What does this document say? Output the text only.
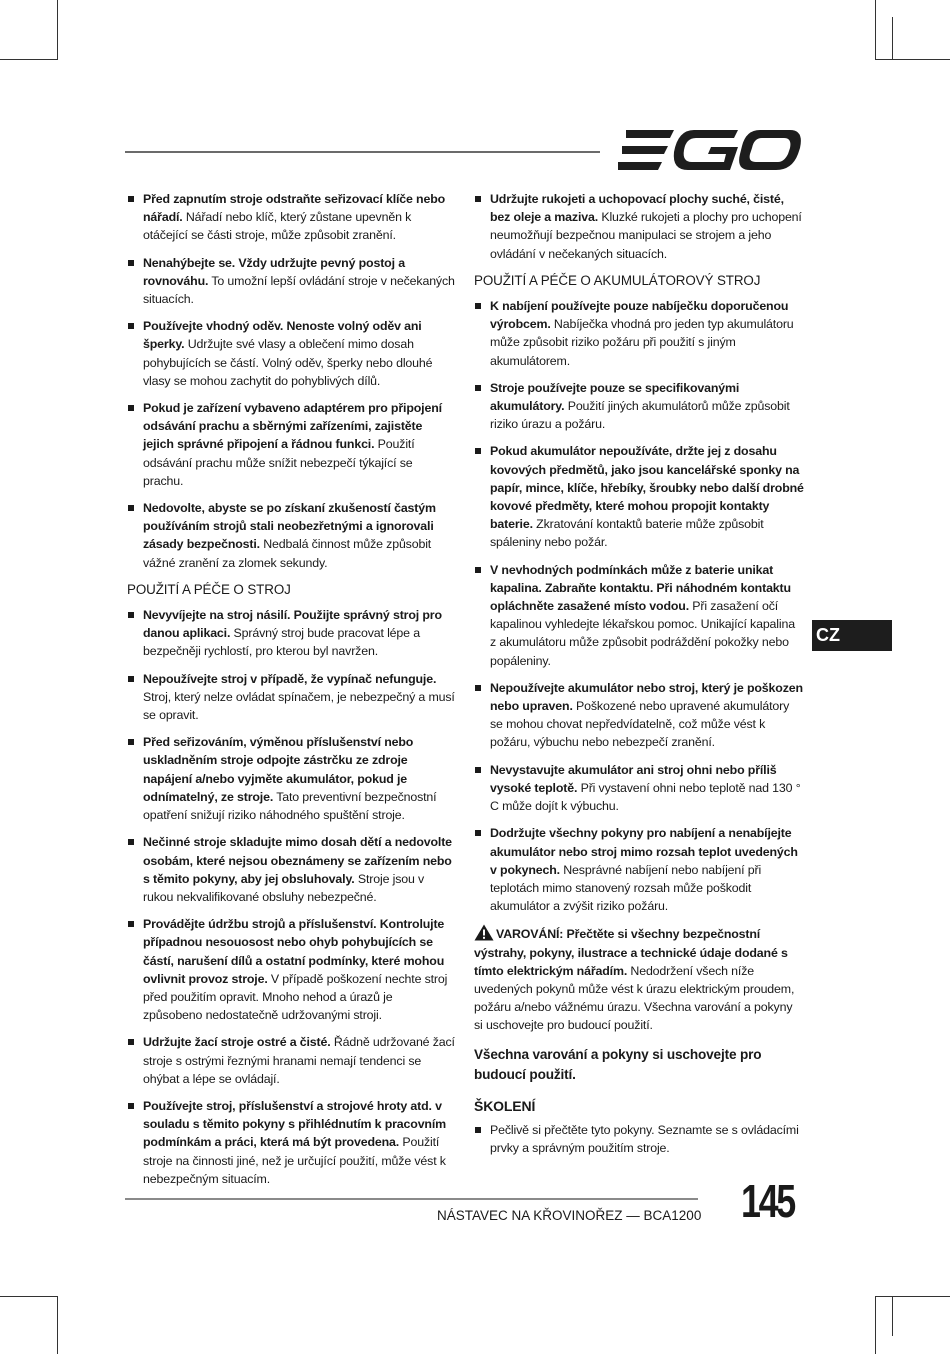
Před zapnutím stroje odstraňte seřizovací klíče nebo nářadí. Nářadí nebo klíč, který zůstane upevněn k otáčející se části stroje, může způsobit zranění.
Nenahýbejte se. Vždy udržujte pevný postoj a rovnováhu. To umožní lepší ovládání stroje v nečekaných situacích.
Používejte vhodný oděv. Nenoste volný oděv ani šperky. Udržujte své vlasy a oblečení mimo dosah pohybujících se částí. Volný oděv, šperky nebo dlouhé vlasy se mohou zachytit do pohyblivých dílů.
Pokud je zařízení vybaveno adaptérem pro připojení odsávání prachu a sběrnými zařízeními, zajistěte jejich správné připojení a řádnou funkci. Použití odsávání prachu může snížit nebezpečí týkající se prachu.
Nedovolte, abyste se po získaní zkušeností častým používáním strojů stali neobezřetnými a ignorovali zásady bezpečnosti. Nedbalá činnost může způsobit vážné zranění za zlomek sekundy.
POUŽITÍ A PÉČE O STROJ
Nevyvíjejte na stroj násilí. Použijte správný stroj pro danou aplikaci. Správný stroj bude pracovat lépe a bezpečněji rychlostí, pro kterou byl navržen.
Nepoužívejte stroj v případě, že vypínač nefunguje. Stroj, který nelze ovládat spínačem, je nebezpečný a musí se opravit.
Před seřizováním, výměnou příslušenství nebo uskladněním stroje odpojte zástrčku ze zdroje napájení a/nebo vyjměte akumulátor, pokud je odnímatelný, ze stroje. Tato preventivní bezpečnostní opatření snižují riziko náhodného spuštění stroje.
Nečinné stroje skladujte mimo dosah dětí a nedovolte osobám, které nejsou obeznámeny se zařízením nebo s těmito pokyny, aby jej obsluhovaly. Stroje jsou v rukou nekvalifikované obsluhy nebezpečné.
Provádějte údržbu strojů a příslušenství. Kontrolujte případnou nesouosost nebo ohyb pohybujících se částí, narušení dílů a ostatní podmínky, které mohou ovlivnit provoz stroje. V případě poškození nechte stroj před použitím opravit. Mnoho nehod a úrazů je způsobeno nedostatečně udržovanými stroji.
Udržujte žací stroje ostré a čisté. Řádně udržované žací stroje s ostrými řeznými hranami nemají tendenci se ohýbat a lépe se ovládají.
Používejte stroj, příslušenství a strojové hroty atd. v souladu s těmito pokyny s přihlédnutím k pracovním podmínkám a práci, která má být provedena. Použití stroje na činnosti jiné, než je určující použití, může vést k nebezpečným situacím.
Udržujte rukojeti a uchopovací plochy suché, čisté, bez oleje a maziva. Kluzké rukojeti a plochy pro uchopení neumožňují bezpečnou manipulaci se strojem a jeho ovládání v nečekaných situacích.
POUŽITÍ A PÉČE O AKUMULÁTOROVÝ STROJ
K nabíjení používejte pouze nabíječku doporučenou výrobcem. Nabíječka vhodná pro jeden typ akumulátoru může způsobit riziko požáru při použití s jiným akumulátorem.
Stroje používejte pouze se specifikovanými akumulátory. Použití jiných akumulátorů může způsobit riziko úrazu a požáru.
Pokud akumulátor nepoužíváte, držte jej z dosahu kovových předmětů, jako jsou kancelářské sponky na papír, mince, klíče, hřebíky, šroubky nebo další drobné kovové předměty, které mohou propojit kontakty baterie. Zkratování kontaktů baterie může způsobit spáleniny nebo požár.
V nevhodných podmínkách může z baterie unikat kapalina. Zabraňte kontaktu. Při náhodném kontaktu opláchněte zasažené místo vodou. Při zasažení očí kapalinou vyhledejte lékařskou pomoc. Unikající kapalina z akumulátoru může způsobit podráždění pokožky nebo popáleniny.
Nepoužívejte akumulátor nebo stroj, který je poškozen nebo upraven. Poškozené nebo upravené akumulátory se mohou chovat nepředvídatelně, což může vést k požáru, výbuchu nebo nebezpečí zranění.
Nevystavujte akumulátor ani stroj ohni nebo příliš vysoké teplotě. Při vystavení ohni nebo teplotě nad 130 ° C může dojít k výbuchu.
Dodržujte všechny pokyny pro nabíjení a nenabíjejte akumulátor nebo stroj mimo rozsah teplot uvedených v pokynech. Nesprávné nabíjení nebo nabíjení při teplotách mimo stanovený rozsah může poškodit akumulátor a zvýšit riziko požáru.
VAROVÁNÍ: Přečtěte si všechny bezpečnostní výstrahy, pokyny, ilustrace a technické údaje dodané s tímto elektrickým nářadím. Nedodržení všech níže uvedených pokynů může vést k úrazu elektrickým proudem, požáru a/nebo vážnému úrazu. Všechna varování a pokyny si uschovejte pro budoucí použití.
Všechna varování a pokyny si uschovejte pro budoucí použití.
ŠKOLENÍ
Pečlivě si přečtěte tyto pokyny. Seznamte se s ovládacími prvky a správným použitím stroje.
CZ
NÁSTAVEC NA KŘOVINOŘEZ — BCA1200 145
